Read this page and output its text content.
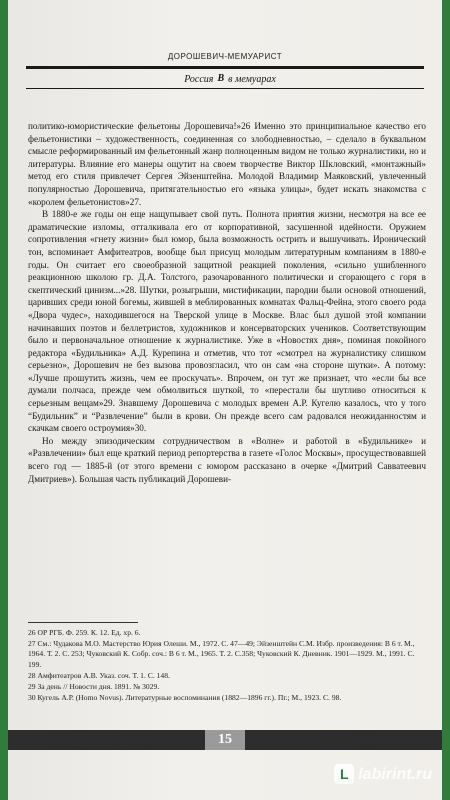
ДОРОШЕВИЧ-МЕМУАРИСТ
Россия В в мемуарах

политико-юмористические фельетоны Дорошевича!»26 Именно это принципиальное качество его фельетонистики – художественность, соединенная со злободневностью, – сделало в буквальном смысле реформированный им фельетонный жанр полноценным видом не только журналистики, но и литературы. Влияние его манеры ощутит на своем творчестве Виктор Шкловский, «монтажный» метод его стиля привлечет Сергея Эйзенштейна. Молодой Владимир Маяковский, увлеченный популярностью Дорошевича, притягательностью его «языка улицы», будет искать знакомства с «королем фельетонистов»27.

В 1880-е же годы он еще нащупывает свой путь. Полнота приятия жизни, несмотря на все ее драматические изломы, отталкивала его от корпоративной, засушенной идейности. Оружием сопротивления «гнету жизни» был юмор, была возможность острить и вышучивать. Иронический тон, вспоминает Амфитеатров, вообще был присущ молодым литературным компаниям в 1880-е годы. Он считает его своеобразной защитной реакцией поколения, «сильно ушибленного реакционною школою гр. Д.А. Толстого, разочарованного политически и сгорающего с горя в скептический цинизм...»28. Шутки, розыгрыши, мистификации, пародии были основой отношений, царивших среди юной богемы, жившей в меблированных комнатах Фальц-Фейна, этого своего рода «Двора чудес», находившегося на Тверской улице в Москве. Влас был душой этой компании начинавших поэтов и беллетристов, художников и консерваторских учеников. Соответствующим было и первоначальное отношение к журналистике. Уже в «Новостях дня», поминая покойного редактора «Будильника» А.Д. Курепина и отметив, что тот «смотрел на журналистику слишком серьезно», Дорошевич не без вызова провозгласил, что он сам «на стороне шутки». А потому: «Лучше прошутить жизнь, чем ее проскучать». Впрочем, он тут же признает, что «если бы все думали полчаса, прежде чем обмолвиться шуткой, то «перестали бы шутливо относиться к серьезным вещам»29. Знавшему Дорошевича с молодых времен А.Р. Кугелю казалось, что у того “Будильник” и “Развлечение” были в крови. Он прежде всего сам радовался неожиданностям и скачкам своего остроумия»30.

Но между эпизодическим сотрудничеством в «Волне» и работой в «Будильнике» и «Развлечении» был еще краткий период репортерства в газете «Голос Москвы», просуществовавшей всего год — 1885-й (от этого времени с юмором рассказано в очерке «Дмитрий Савватеевич Дмитриев»). Большая часть публикаций Дорошеви-

26 ОР РГБ. Ф. 259. К. 12. Ед. хр. 6.
27 См.: Чудакова М.О. Мастерство Юрия Олеши. М., 1972. С. 47—49; Эйзенштейн С.М. Избр. произведения: В 6 т. М., 1964. Т. 2. С. 253; Чуковский К. Собр. соч.: В 6 т. М., 1965. Т. 2. С.358; Чуковский К. Дневник. 1901—1929. М., 1991. С. 199.
28 Амфитеатров А.В. Указ. соч. Т. 1. С. 148.
29 За день // Новости дня. 1891. № 3029.
30 Кугель А.Р. (Homo Novus). Литературные воспоминания (1882—1896 гг.). Пг.; М., 1923. С. 98.
15
L labirint.ru
